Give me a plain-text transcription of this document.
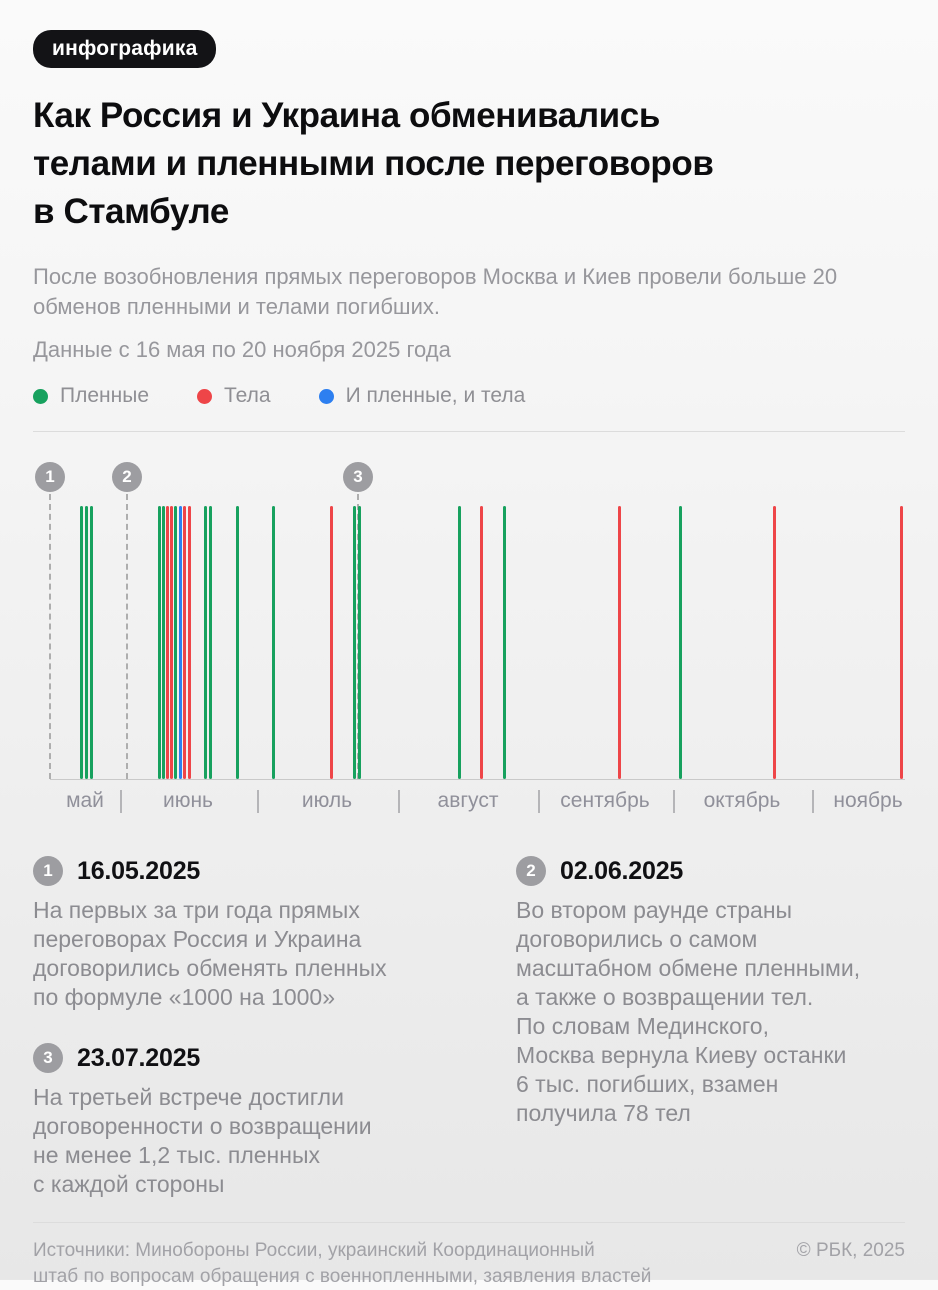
инфографика
Как Россия и Украина обменивались
телами и пленными после переговоров
в Стамбуле

После возобновления прямых переговоров Москва и Киев провели больше 20
обменов пленными и телами погибших.

Данные с 16 мая по 20 ноября 2025 года

Пленные	Тела	И пленные, и тела
1	2	3
май	июнь	июль	август	сентябрь	октябрь	ноябрь
1 16.05.2025

На первых за три года прямых
переговорах Россия и Украина
договорились обменять пленных
по формуле «1000 на 1000»

3 23.07.2025

На третьей встрече достигли
договоренности о возвращении
не менее 1,2 тыс. пленных
с каждой стороны

2 02.06.2025

Во втором раунде страны
договорились о самом
масштабном обмене пленными,
а также о возвращении тел.
По словам Мединского,
Москва вернула Киеву останки
6 тыс. погибших, взамен
получила 78 тел

Источники: Минобороны России, украинский Координационный
штаб по вопросам обращения с военнопленными, заявления властей

© РБК, 2025
